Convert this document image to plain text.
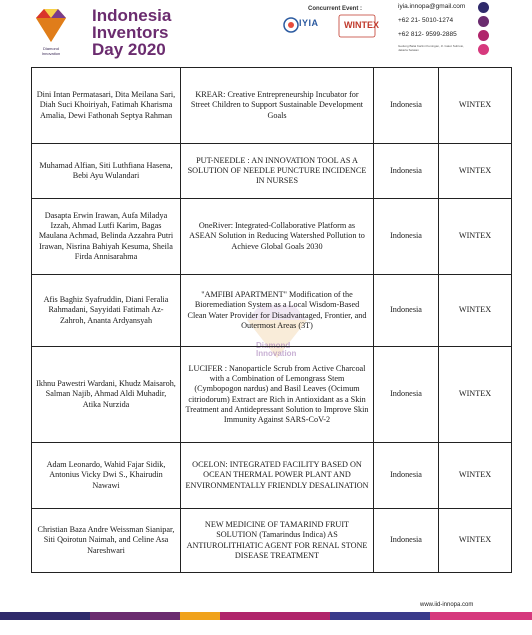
Diamond
Innovation
Indonesia
Inventors
Day 2020
Concurrent Event :
IYIA	WINTEX
iyia.innopa@gmail.com
+62 21- 5010-1274
+62 812- 9599-2885
Gedung Balai Kartini Kuningan, Jl. Gatot Subroto, Jakarta Selatan
Diamond
Innovation
Dini Intan Permatasari, Dita Meilana Sari, Diah Suci Khoiriyah, Fatimah Kharisma Amalia, Dewi Fathonah Septya Rahman	KREAR: Creative Entrepreneurship Incubator for Street Children to Support Sustainable Development Goals	Indonesia	WINTEX
Muhamad Alfian, Siti Luthfiana Hasena, Bebi Ayu Wulandari	PUT-NEEDLE : AN INNOVATION TOOL AS A SOLUTION OF NEEDLE PUNCTURE INCIDENCE IN NURSES	Indonesia	WINTEX
Dasapta Erwin Irawan, Aufa Miladya Izzah, Ahmad Lutfi Karim, Bagas Maulana Achmad, Belinda Azzahra Putri Irawan, Nisrina Bahiyah Kesuma, Sheila Firda Annisarahma	OneRiver: Integrated-Collaborative Platform as ASEAN Solution in Reducing Watershed Pollution to Achieve Global Goals 2030	Indonesia	WINTEX
Afis Baghiz Syafruddin, Diani Feralia Rahmadani, Sayyidati Fatimah Az-Zahroh, Ananta Ardyansyah	"AMFIBI APARTMENT" Modification of the Bioremediation System as a Local Wisdom-Based Clean Water Provider for Disadvantaged, Frontier, and Outermost Areas (3T)	Indonesia	WINTEX
Ikhnu Pawestri Wardani, Khudz Maisaroh, Salman Najib, Ahmad Aldi Muhadir, Atika Nurzida	LUCIFER : Nanoparticle Scrub from Active Charcoal with a Combination of Lemongrass Stem (Cymbopogon nardus) and Basil Leaves (Ocimum citriodorum) Extract are Rich in Antioxidant as a Skin Treatment and Antidepressant Solution to Improve Skin Immunity Against SARS-CoV-2	Indonesia	WINTEX
Adam Leonardo, Wahid Fajar Sidik, Antonius Vicky Dwi S., Khairudin Nawawi	OCELON: INTEGRATED FACILITY BASED ON OCEAN THERMAL POWER PLANT AND ENVIRONMENTALLY FRIENDLY DESALINATION	Indonesia	WINTEX
Christian Baza Andre Weissman Sianipar, Siti Qoirotun Naimah, and Celine Asa Nareshwari	NEW MEDICINE OF TAMARIND FRUIT SOLUTION (Tamarindus Indica) AS ANTIUROLITHIATIC AGENT FOR RENAL STONE DISEASE TREATMENT	Indonesia	WINTEX
www.iid-innopa.com
